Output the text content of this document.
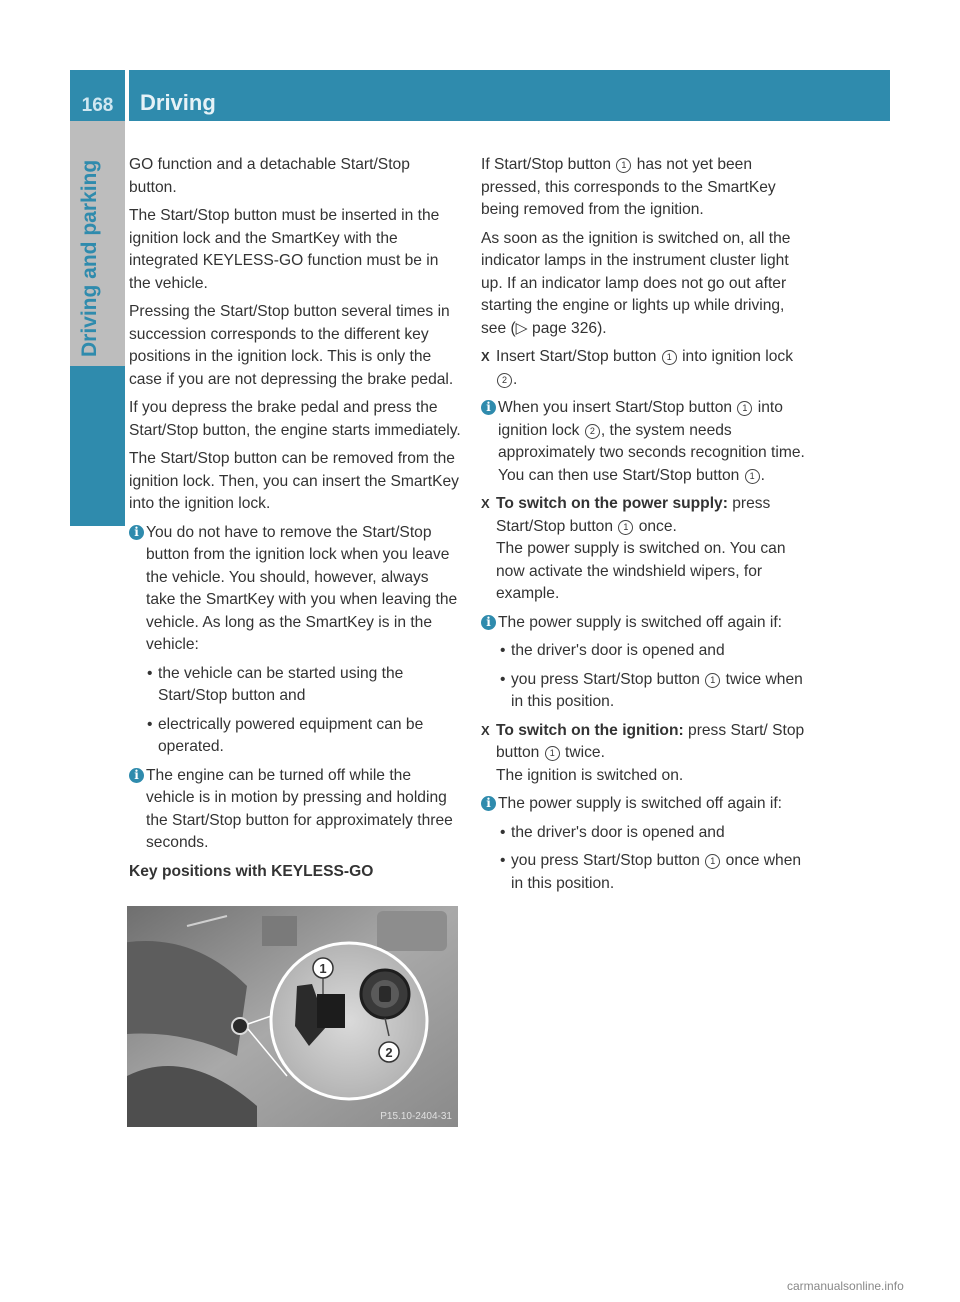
168	Driving
Driving and parking GO function and a detachable Start/Stop button.

The Start/Stop button must be inserted in the ignition lock and the SmartKey with the integrated KEYLESS-GO function must be in the vehicle.

Pressing the Start/Stop button several times in succession corresponds to the different key positions in the ignition lock. This is only the case if you are not depressing the brake pedal.

If you depress the brake pedal and press the Start/Stop button, the engine starts immediately.

The Start/Stop button can be removed from the ignition lock. Then, you can insert the SmartKey into the ignition lock.

i You do not have to remove the Start/Stop button from the ignition lock when you leave the vehicle. You should, however, always take the SmartKey with you when leaving the vehicle. As long as the SmartKey is in the vehicle:
• the vehicle can be started using the Start/Stop button and
• electrically powered equipment can be operated.
i The engine can be turned off while the vehicle is in motion by pressing and holding the Start/Stop button for approximately three seconds.
Key positions with KEYLESS-GO
1
2
P15.10-2404-31

If Start/Stop button 1 has not yet been pressed, this corresponds to the SmartKey being removed from the ignition.

As soon as the ignition is switched on, all the indicator lamps in the instrument cluster light up. If an indicator lamp does not go out after starting the engine or lights up while driving, see (▷ page 326).

X Insert Start/Stop button 1 into ignition lock 2 .
i When you insert Start/Stop button 1 into ignition lock 2 , the system needs approximately two seconds recognition time. You can then use Start/Stop button 1 .
X To switch on the power supply: press Start/Stop button 1 once.
The power supply is switched on. You can now activate the windshield wipers, for example.
i The power supply is switched off again if:
• the driver's door is opened and
• you press Start/Stop button 1 twice when in this position.
X To switch on the ignition: press Start/ Stop button 1 twice.
The ignition is switched on.
i The power supply is switched off again if:
• the driver's door is opened and
• you press Start/Stop button 1 once when in this position.
carmanualsonline.info
